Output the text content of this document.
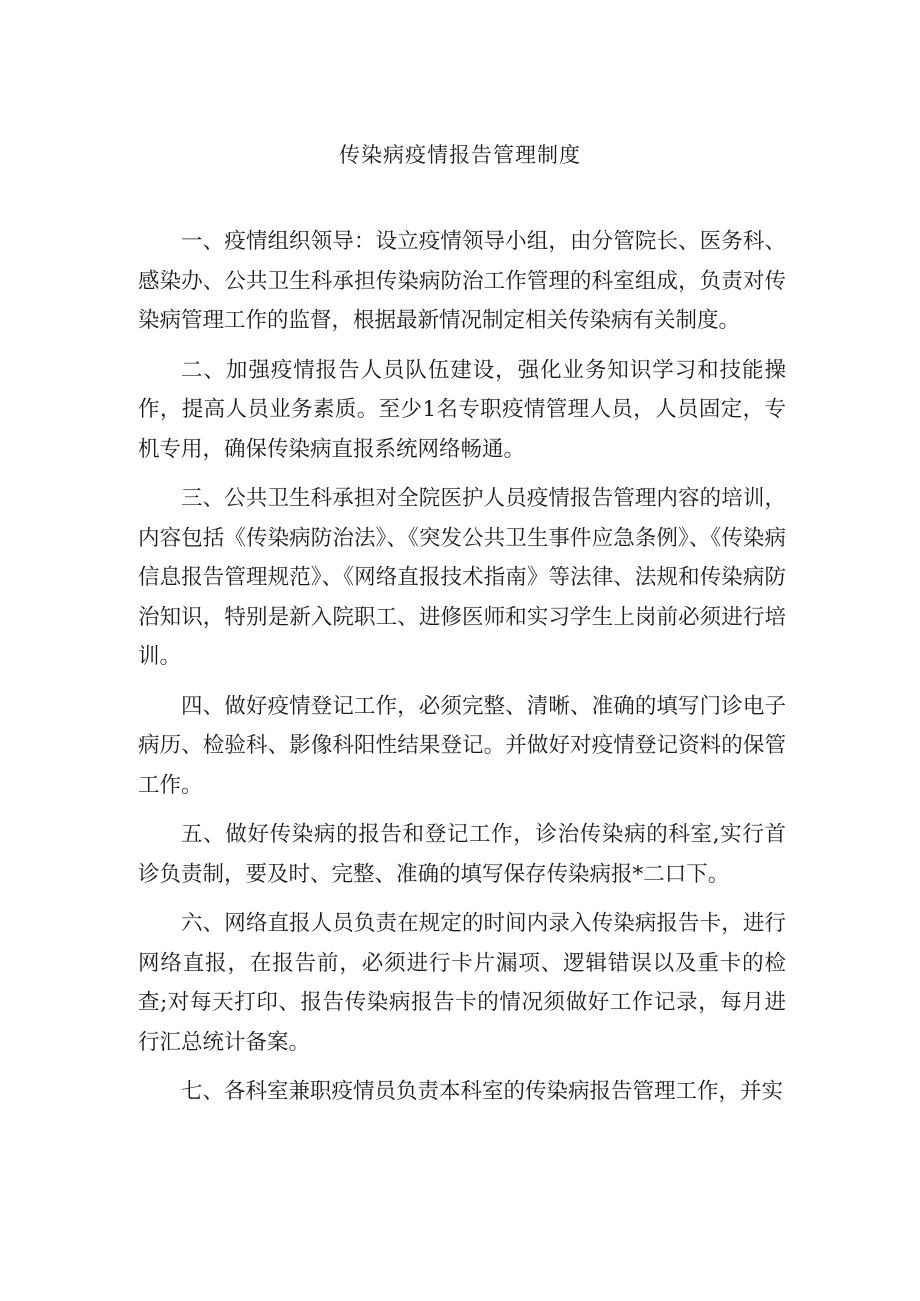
传染病疫情报告管理制度

一、疫情组织领导：设立疫情领导小组，由分管院长、医务科、感染办、公共卫生科承担传染病防治工作管理的科室组成，负责对传染病管理工作的监督，根据最新情况制定相关传染病有关制度。

二、加强疫情报告人员队伍建设，强化业务知识学习和技能操作，提高人员业务素质。至少1名专职疫情管理人员，人员固定，专机专用，确保传染病直报系统网络畅通。

三、公共卫生科承担对全院医护人员疫情报告管理内容的培训，内容包括《传染病防治法》、《突发公共卫生事件应急条例》、《传染病信息报告管理规范》、《网络直报技术指南》等法律、法规和传染病防治知识，特别是新入院职工、进修医师和实习学生上岗前必须进行培训。

四、做好疫情登记工作，必须完整、清晰、准确的填写门诊电子病历、检验科、影像科阳性结果登记。并做好对疫情登记资料的保管工作。

五、做好传染病的报告和登记工作，诊治传染病的科室,实行首诊负责制，要及时、完整、准确的填写保存传染病报*二口下。

六、网络直报人员负责在规定的时间内录入传染病报告卡，进行网络直报，在报告前，必须进行卡片漏项、逻辑错误以及重卡的检查;对每天打印、报告传染病报告卡的情况须做好工作记录，每月进行汇总统计备案。

七、各科室兼职疫情员负责本科室的传染病报告管理工作，并实
